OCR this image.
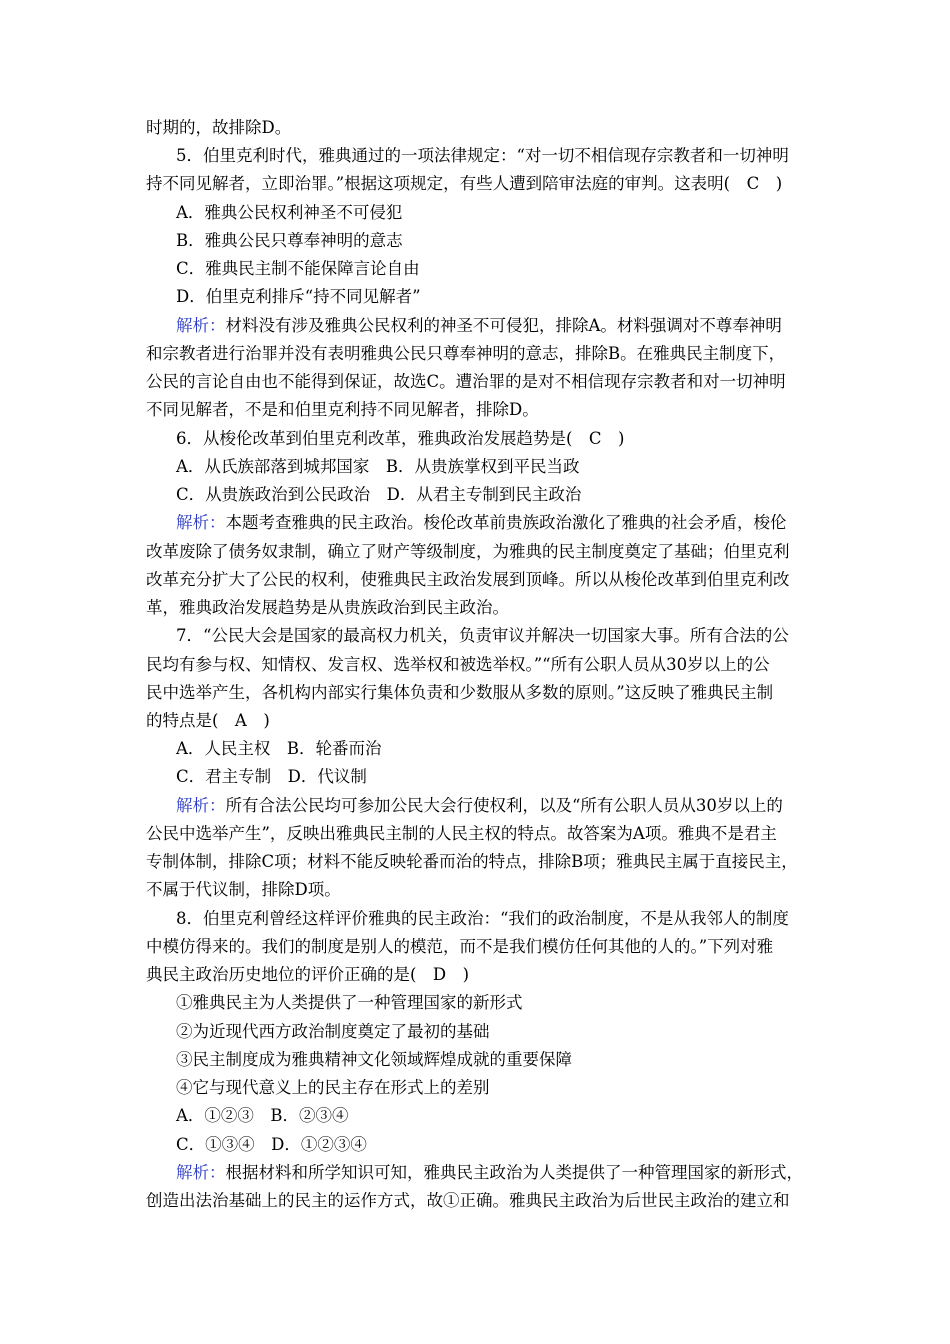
时期的，故排除D。
5．伯里克利时代，雅典通过的一项法律规定：“对一切不相信现存宗教者和一切神明
持不同见解者，立即治罪。”根据这项规定，有些人遭到陪审法庭的审判。这表明(　C　)
A．雅典公民权利神圣不可侵犯
B．雅典公民只尊奉神明的意志
C．雅典民主制不能保障言论自由
D．伯里克利排斥“持不同见解者”
解析：材料没有涉及雅典公民权利的神圣不可侵犯，排除A。材料强调对不尊奉神明
和宗教者进行治罪并没有表明雅典公民只尊奉神明的意志，排除B。在雅典民主制度下，
公民的言论自由也不能得到保证，故选C。遭治罪的是对不相信现存宗教者和对一切神明
不同见解者，不是和伯里克利持不同见解者，排除D。
6．从梭伦改革到伯里克利改革，雅典政治发展趋势是(　C　)
A．从氏族部落到城邦国家　B．从贵族掌权到平民当政
C．从贵族政治到公民政治　D．从君主专制到民主政治
解析：本题考查雅典的民主政治。梭伦改革前贵族政治激化了雅典的社会矛盾，梭伦
改革废除了债务奴隶制，确立了财产等级制度，为雅典的民主制度奠定了基础；伯里克利
改革充分扩大了公民的权利，使雅典民主政治发展到顶峰。所以从梭伦改革到伯里克利改
革，雅典政治发展趋势是从贵族政治到民主政治。
7．“公民大会是国家的最高权力机关，负责审议并解决一切国家大事。所有合法的公
民均有参与权、知情权、发言权、选举权和被选举权。”“所有公职人员从30岁以上的公
民中选举产生，各机构内部实行集体负责和少数服从多数的原则。”这反映了雅典民主制
的特点是(　A　)
A．人民主权　B．轮番而治
C．君主专制　D．代议制
解析：所有合法公民均可参加公民大会行使权利，以及“所有公职人员从30岁以上的
公民中选举产生”，反映出雅典民主制的人民主权的特点。故答案为A项。雅典不是君主
专制体制，排除C项；材料不能反映轮番而治的特点，排除B项；雅典民主属于直接民主，
不属于代议制，排除D项。
8．伯里克利曾经这样评价雅典的民主政治：“我们的政治制度，不是从我邻人的制度
中模仿得来的。我们的制度是别人的模范，而不是我们模仿任何其他的人的。”下列对雅
典民主政治历史地位的评价正确的是(　D　)
①雅典民主为人类提供了一种管理国家的新形式
②为近现代西方政治制度奠定了最初的基础
③民主制度成为雅典精神文化领域辉煌成就的重要保障
④它与现代意义上的民主存在形式上的差别
A．①②③　B．②③④
C．①③④　D．①②③④
解析：根据材料和所学知识可知，雅典民主政治为人类提供了一种管理国家的新形式，
创造出法治基础上的民主的运作方式，故①正确。雅典民主政治为后世民主政治的建立和
